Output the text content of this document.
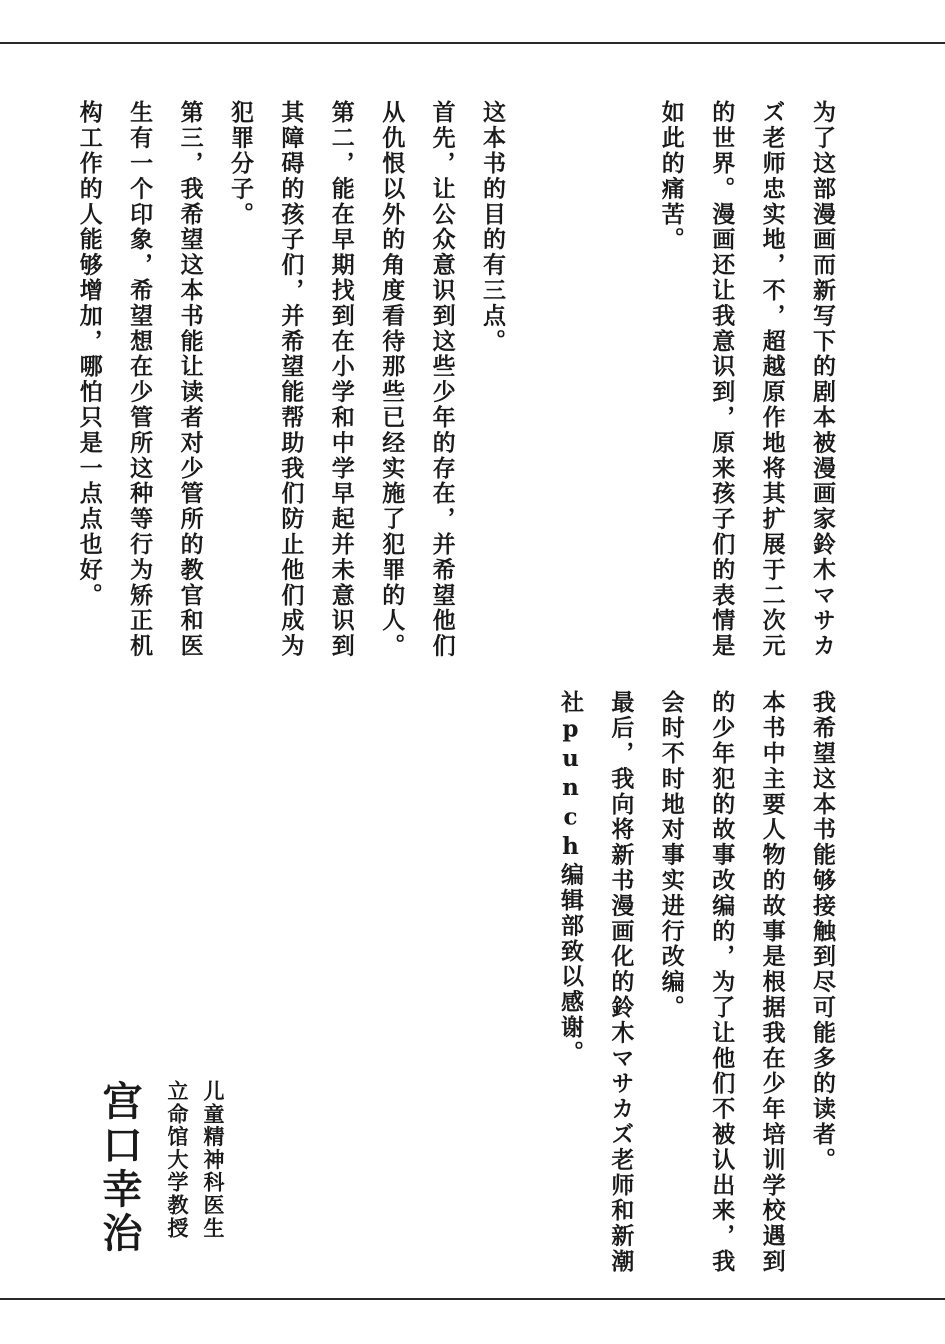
为了这部漫画而新写下的剧本被漫画家鈴木マサカズ老师忠实地，不，超越原作地将其扩展于二次元的世界。漫画还让我意识到，原来孩子们的表情是如此的痛苦。

这本书的目的有三点。

首先，让公众意识到这些少年的存在，并希望他们从仇恨以外的角度看待那些已经实施了犯罪的人。

第二，能在早期找到在小学和中学早起并未意识到其障碍的孩子们，并希望能帮助我们防止他们成为犯罪分子。

第三，我希望这本书能让读者对少管所的教官和医生有一个印象，希望想在少管所这种等行为矫正机构工作的人能够增加，哪怕只是一点点也好。

我希望这本书能够接触到尽可能多的读者。

本书中主要人物的故事是根据我在少年培训学校遇到的少年犯的故事改编的，为了让他们不被认出来，我会时不时地对事实进行改编。

最后，我向将新书漫画化的鈴木マサカズ老师和新潮社punch编辑部致以感谢。

儿童精神科医生
立命馆大学教授
宫口幸治
